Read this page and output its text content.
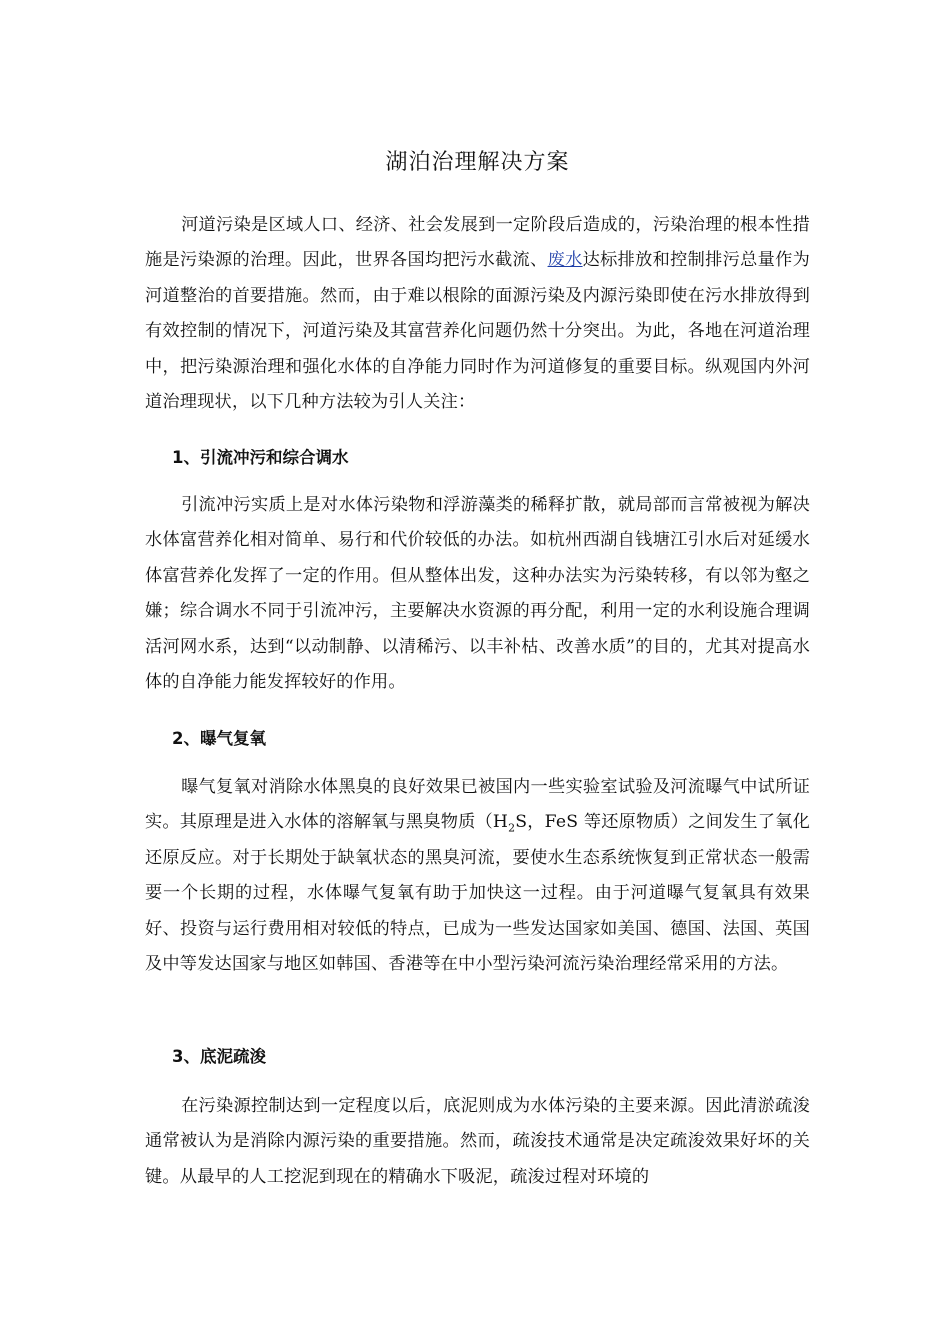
湖泊治理解决方案

河道污染是区域人口、经济、社会发展到一定阶段后造成的，污染治理的根本性措施是污染源的治理。因此，世界各国均把污水截流、废水达标排放和控制排污总量作为河道整治的首要措施。然而，由于难以根除的面源污染及内源污染即使在污水排放得到有效控制的情况下，河道污染及其富营养化问题仍然十分突出。为此，各地在河道治理中，把污染源治理和强化水体的自净能力同时作为河道修复的重要目标。纵观国内外河道治理现状，以下几种方法较为引人关注：

1、引流冲污和综合调水

引流冲污实质上是对水体污染物和浮游藻类的稀释扩散，就局部而言常被视为解决水体富营养化相对简单、易行和代价较低的办法。如杭州西湖自钱塘江引水后对延缓水体富营养化发挥了一定的作用。但从整体出发，这种办法实为污染转移，有以邻为壑之嫌；综合调水不同于引流冲污，主要解决水资源的再分配，利用一定的水利设施合理调活河网水系，达到“以动制静、以清稀污、以丰补枯、改善水质”的目的，尤其对提高水体的自净能力能发挥较好的作用。

2、曝气复氧

曝气复氧对消除水体黑臭的良好效果已被国内一些实验室试验及河流曝气中试所证实。其原理是进入水体的溶解氧与黑臭物质（$H_2S$，FeS 等还原物质）之间发生了氧化还原反应。对于长期处于缺氧状态的黑臭河流，要使水生态系统恢复到正常状态一般需要一个长期的过程，水体曝气复氧有助于加快这一过程。由于河道曝气复氧具有效果好、投资与运行费用相对较低的特点，已成为一些发达国家如美国、德国、法国、英国及中等发达国家与地区如韩国、香港等在中小型污染河流污染治理经常采用的方法。

3、底泥疏浚

在污染源控制达到一定程度以后，底泥则成为水体污染的主要来源。因此清淤疏浚通常被认为是消除内源污染的重要措施。然而，疏浚技术通常是决定疏浚效果好坏的关键。从最早的人工挖泥到现在的精确水下吸泥，疏浚过程对环境的
